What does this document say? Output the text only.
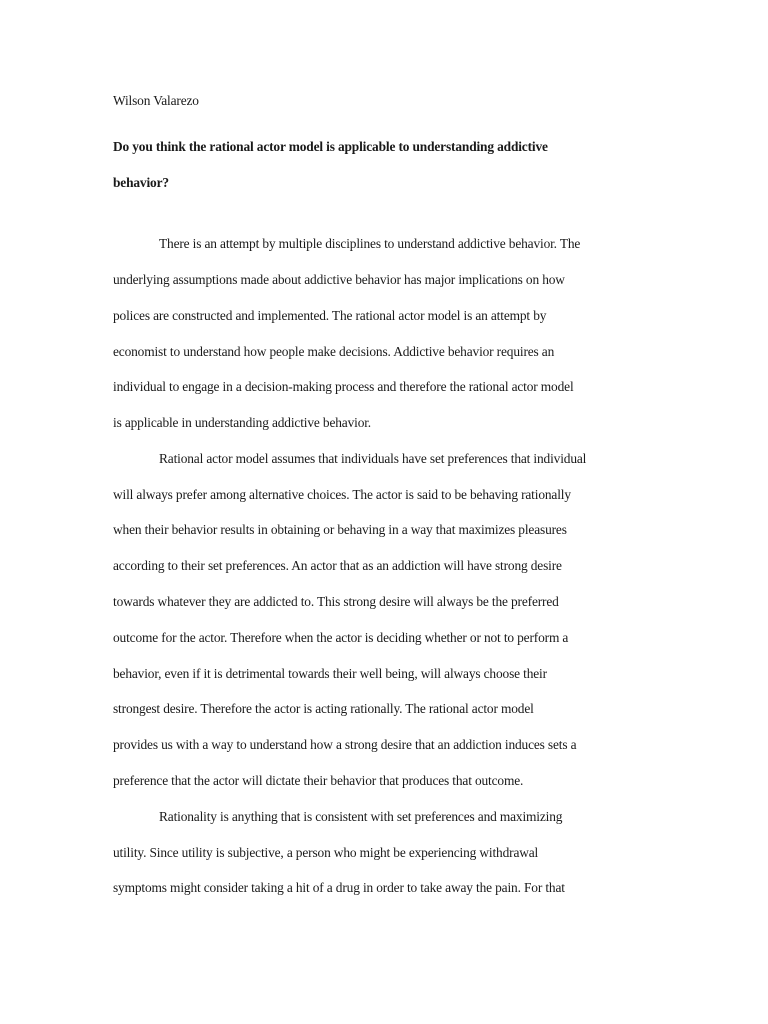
Wilson Valarezo
Do you think the rational actor model is applicable to understanding addictive
behavior?
There is an attempt by multiple disciplines to understand addictive behavior. The
underlying assumptions made about addictive behavior has major implications on how
polices are constructed and implemented. The rational actor model is an attempt by
economist to understand how people make decisions. Addictive behavior requires an
individual to engage in a decision-making process and therefore the rational actor model
is applicable in understanding addictive behavior.
Rational actor model assumes that individuals have set preferences that individual
will always prefer among alternative choices. The actor is said to be behaving rationally
when their behavior results in obtaining or behaving in a way that maximizes pleasures
according to their set preferences. An actor that as an addiction will have strong desire
towards whatever they are addicted to. This strong desire will always be the preferred
outcome for the actor. Therefore when the actor is deciding whether or not to perform a
behavior, even if it is detrimental towards their well being, will always choose their
strongest desire. Therefore the actor is acting rationally. The rational actor model
provides us with a way to understand how a strong desire that an addiction induces sets a
preference that the actor will dictate their behavior that produces that outcome.
Rationality is anything that is consistent with set preferences and maximizing
utility. Since utility is subjective, a person who might be experiencing withdrawal
symptoms might consider taking a hit of a drug in order to take away the pain. For that
